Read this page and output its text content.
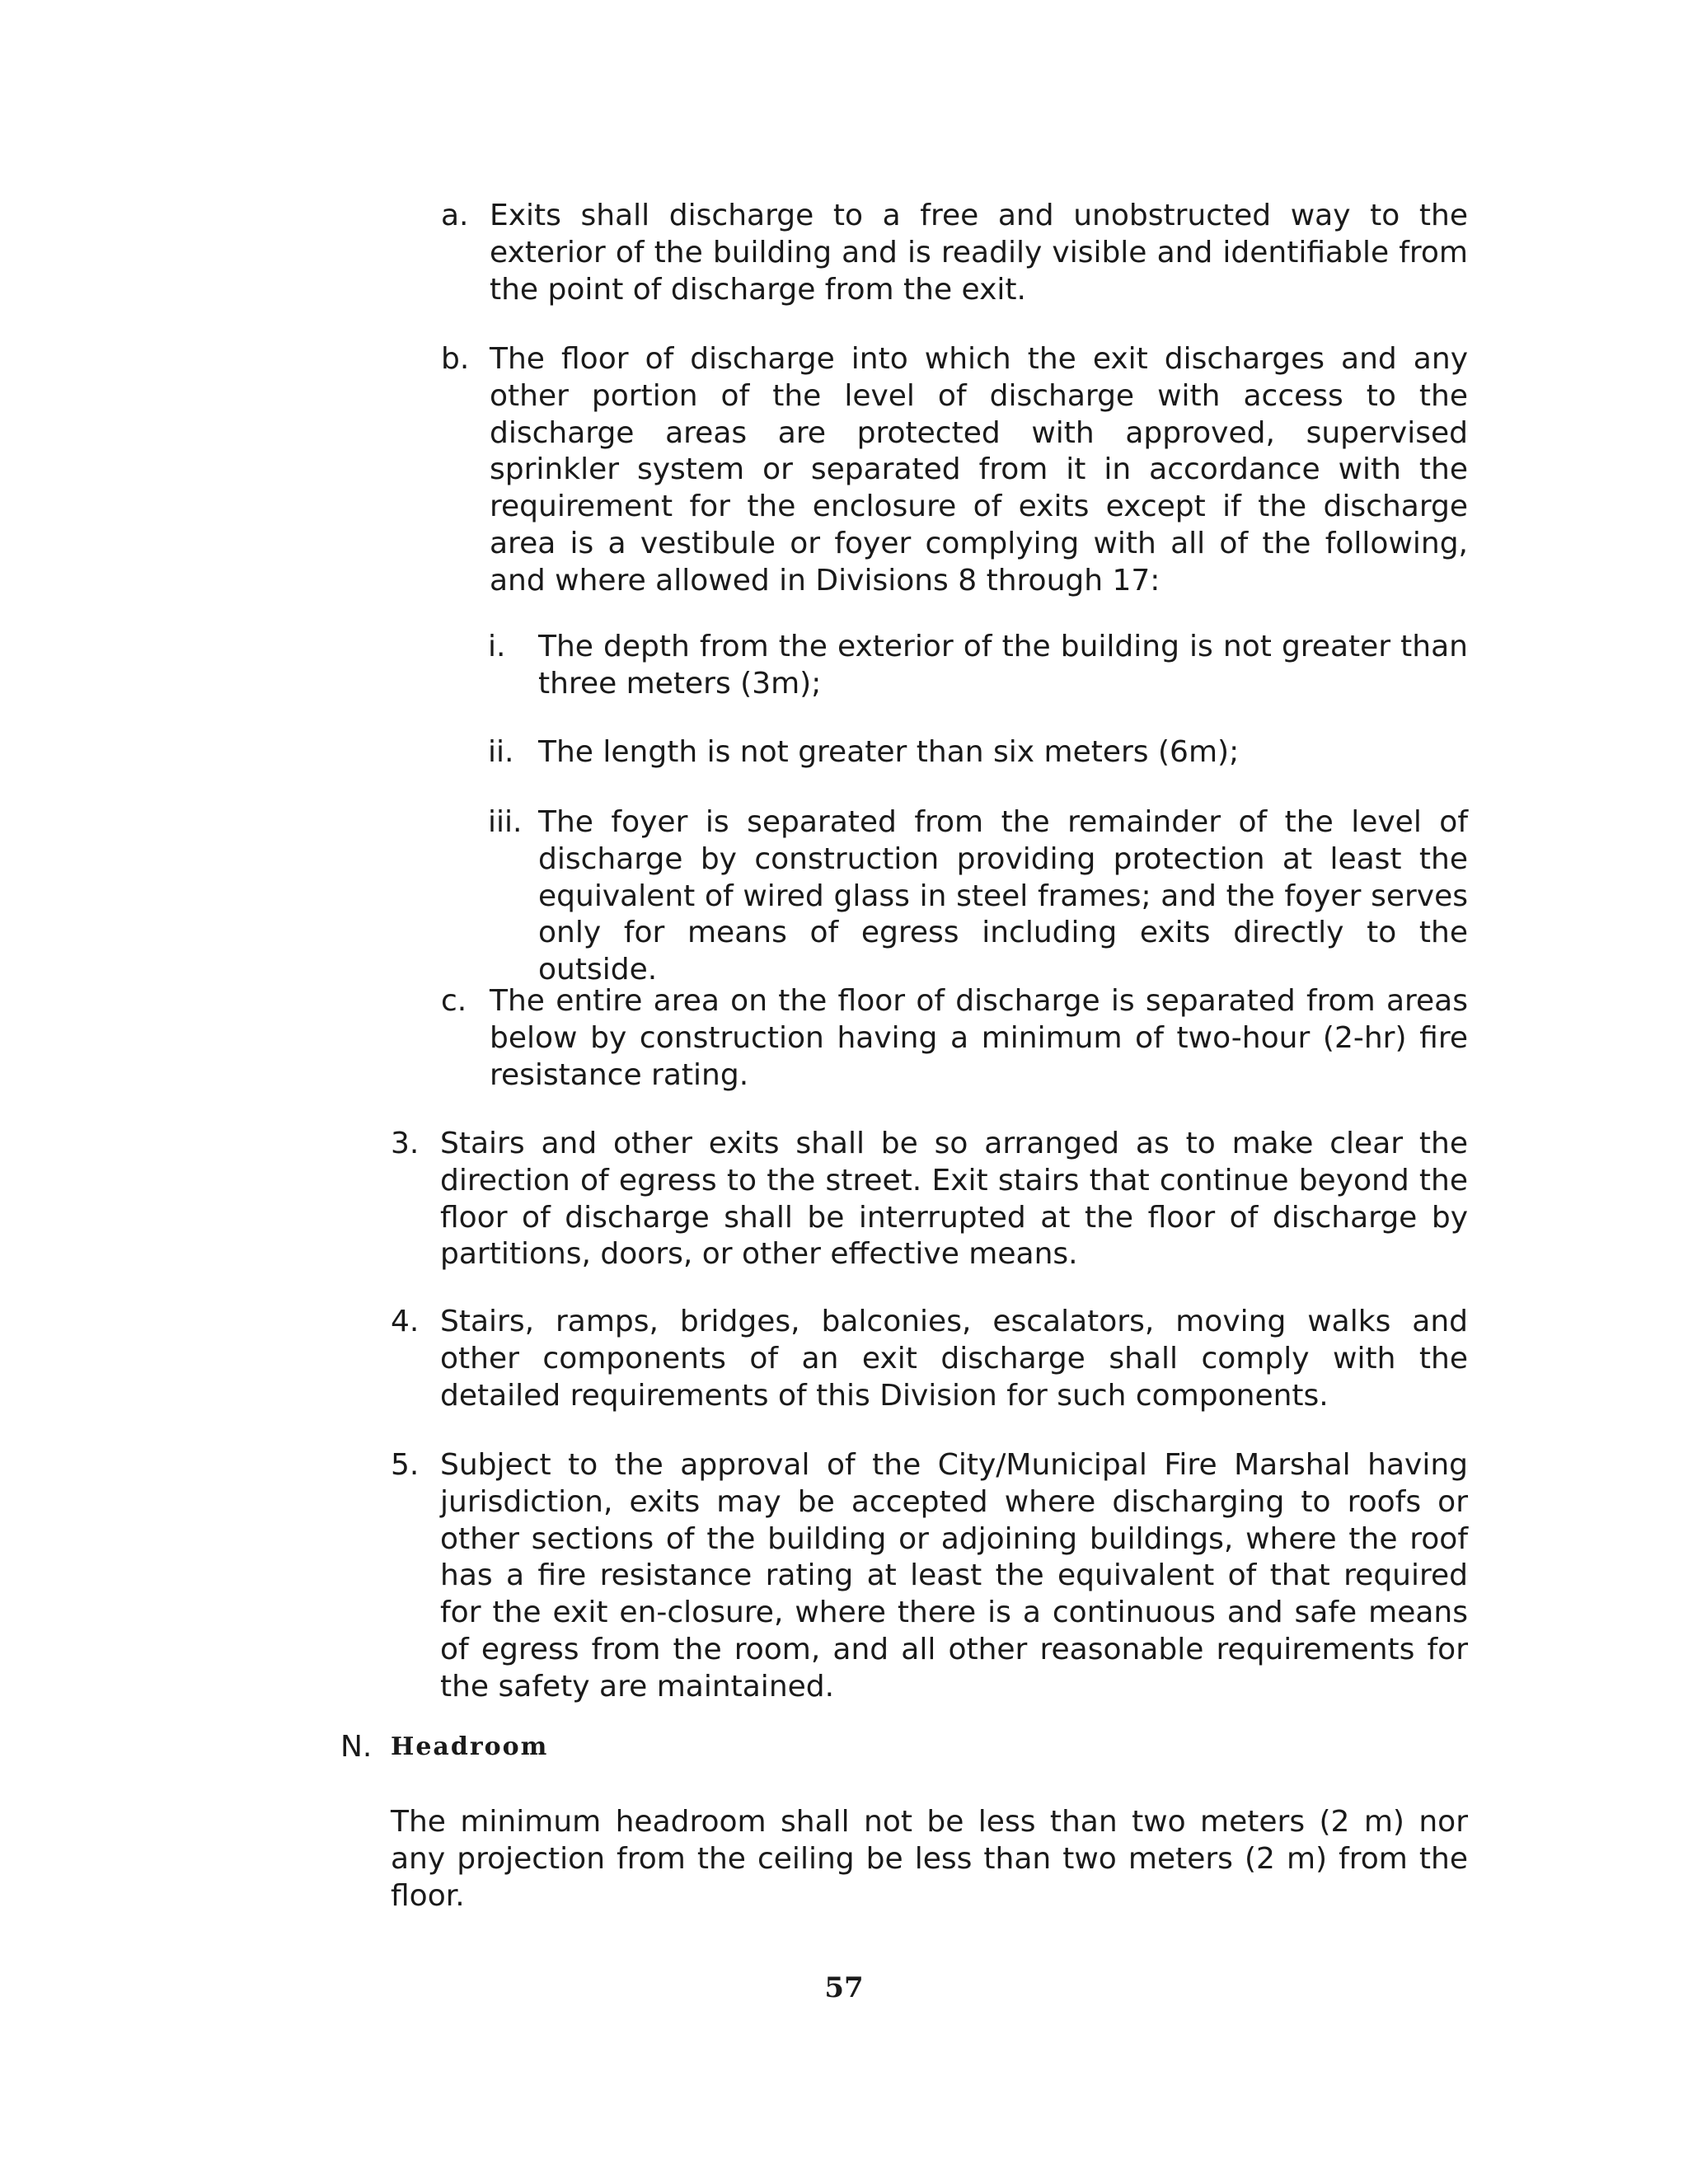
a. Exits shall discharge to a free and unobstructed way to the exterior of the building and is readily visible and identifiable from the point of discharge from the exit.
b. The floor of discharge into which the exit discharges and any other portion of the level of discharge with access to the discharge areas are protected with approved, supervised sprinkler system or separated from it in accordance with the requirement for the enclosure of exits except if the discharge area is a vestibule or foyer complying with all of the following, and where allowed in Divisions 8 through 17:
i. The depth from the exterior of the building is not greater than three meters (3m);
ii. The length is not greater than six meters (6m);
iii. The foyer is separated from the remainder of the level of discharge by construction providing protection at least the equivalent of wired glass in steel frames; and the foyer serves only for means of egress including exits directly to the outside.
c. The entire area on the floor of discharge is separated from areas below by construction having a minimum of two-hour (2-hr) fire resistance rating.
3. Stairs and other exits shall be so arranged as to make clear the direction of egress to the street. Exit stairs that continue beyond the floor of discharge shall be interrupted at the floor of discharge by partitions, doors, or other effective means.
4. Stairs, ramps, bridges, balconies, escalators, moving walks and other components of an exit discharge shall comply with the detailed requirements of this Division for such components.
5. Subject to the approval of the City/Municipal Fire Marshal having jurisdiction, exits may be accepted where discharging to roofs or other sections of the building or adjoining buildings, where the roof has a fire resistance rating at least the equivalent of that required for the exit en-closure, where there is a continuous and safe means of egress from the room, and all other reasonable requirements for the safety are maintained.
N. Headroom
The minimum headroom shall not be less than two meters (2 m) nor any projection from the ceiling be less than two meters (2 m) from the floor.
57
